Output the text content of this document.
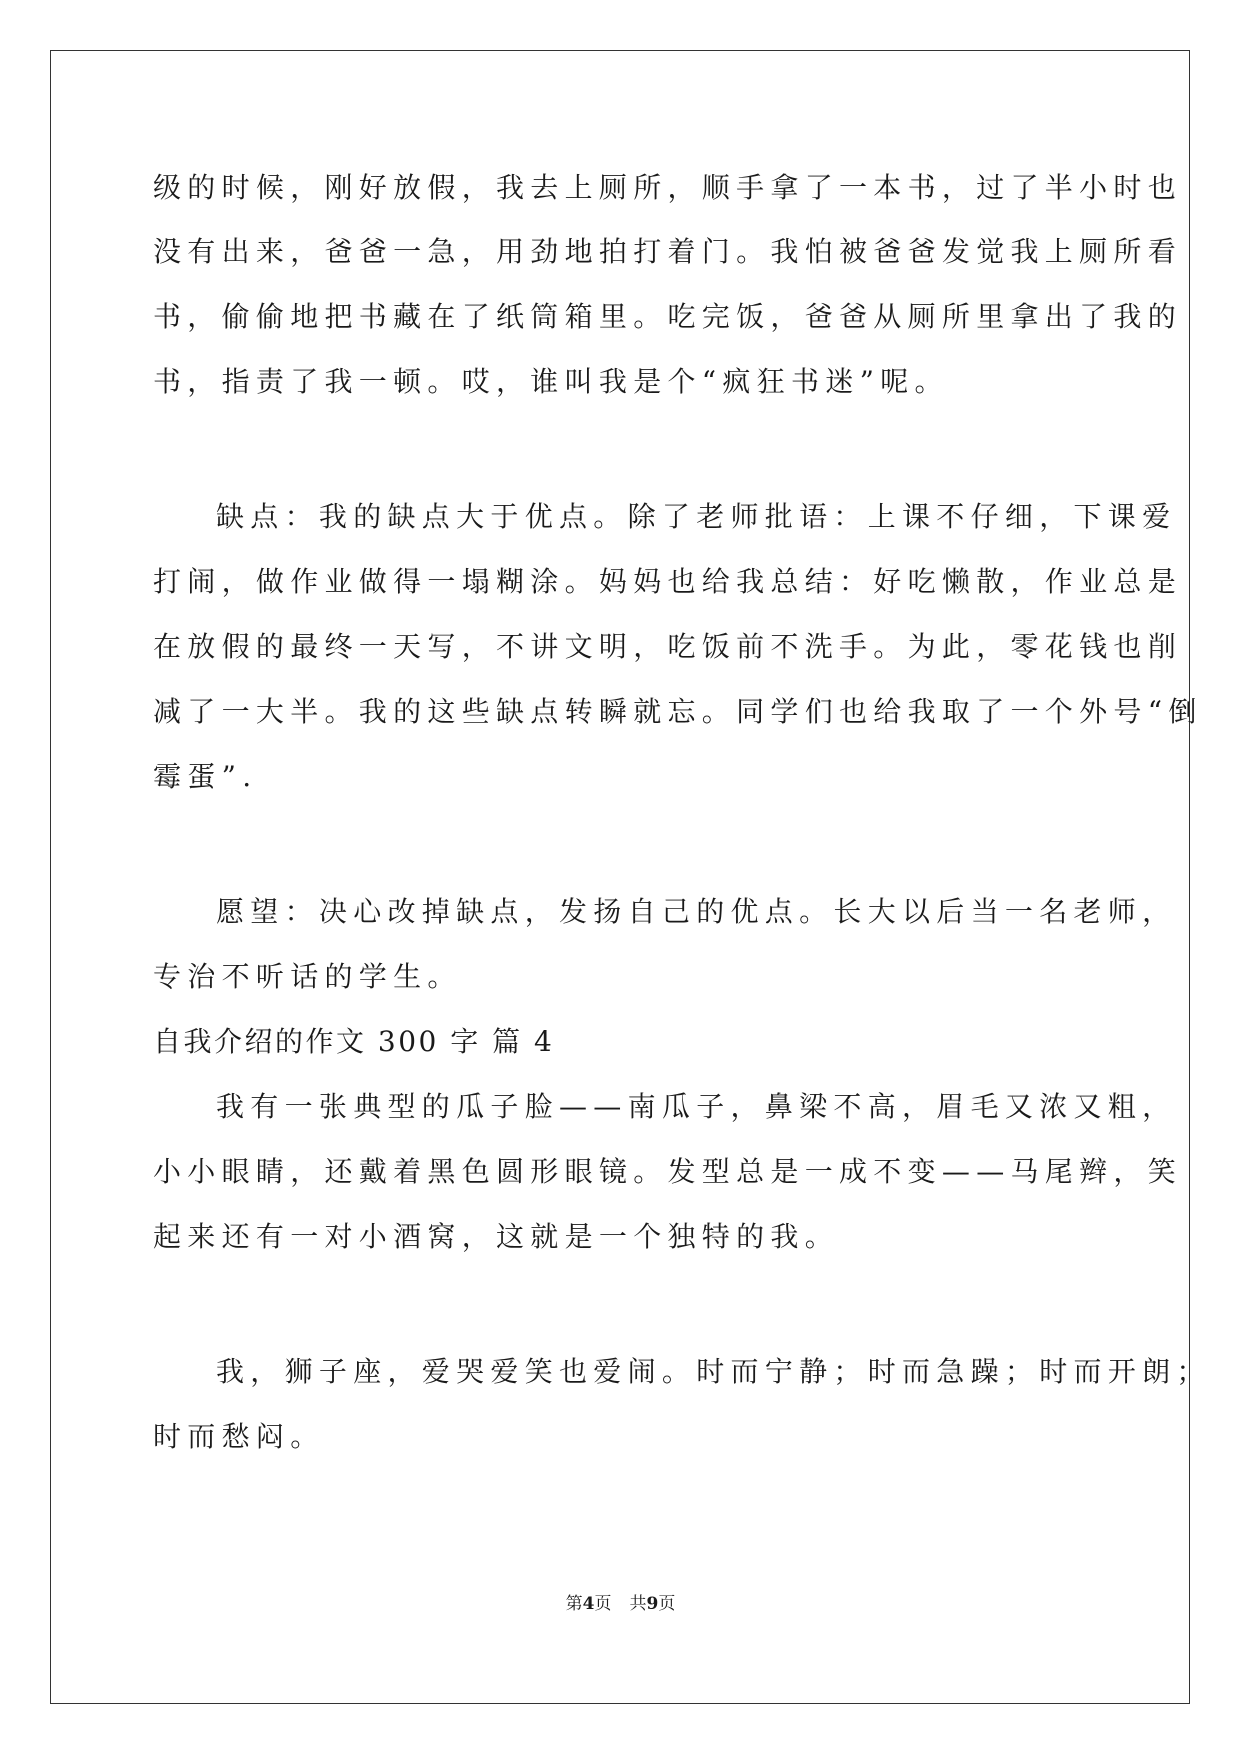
级的时候，刚好放假，我去上厕所，顺手拿了一本书，过了半小时也
没有出来，爸爸一急，用劲地拍打着门。我怕被爸爸发觉我上厕所看
书，偷偷地把书藏在了纸筒箱里。吃完饭，爸爸从厕所里拿出了我的
书，指责了我一顿。哎，谁叫我是个“疯狂书迷”呢。
缺点：我的缺点大于优点。除了老师批语：上课不仔细，下课爱
打闹，做作业做得一塌糊涂。妈妈也给我总结：好吃懒散，作业总是
在放假的最终一天写，不讲文明，吃饭前不洗手。为此，零花钱也削
减了一大半。我的这些缺点转瞬就忘。同学们也给我取了一个外号“倒
霉蛋”.
愿望：决心改掉缺点，发扬自己的优点。长大以后当一名老师，
专治不听话的学生。
自我介绍的作文 300 字 篇 4
我有一张典型的瓜子脸——南瓜子，鼻梁不高，眉毛又浓又粗，
小小眼睛，还戴着黑色圆形眼镜。发型总是一成不变——马尾辫，笑
起来还有一对小酒窝，这就是一个独特的我。
我，狮子座，爱哭爱笑也爱闹。时而宁静；时而急躁；时而开朗；
时而愁闷。
第4页 共9页
